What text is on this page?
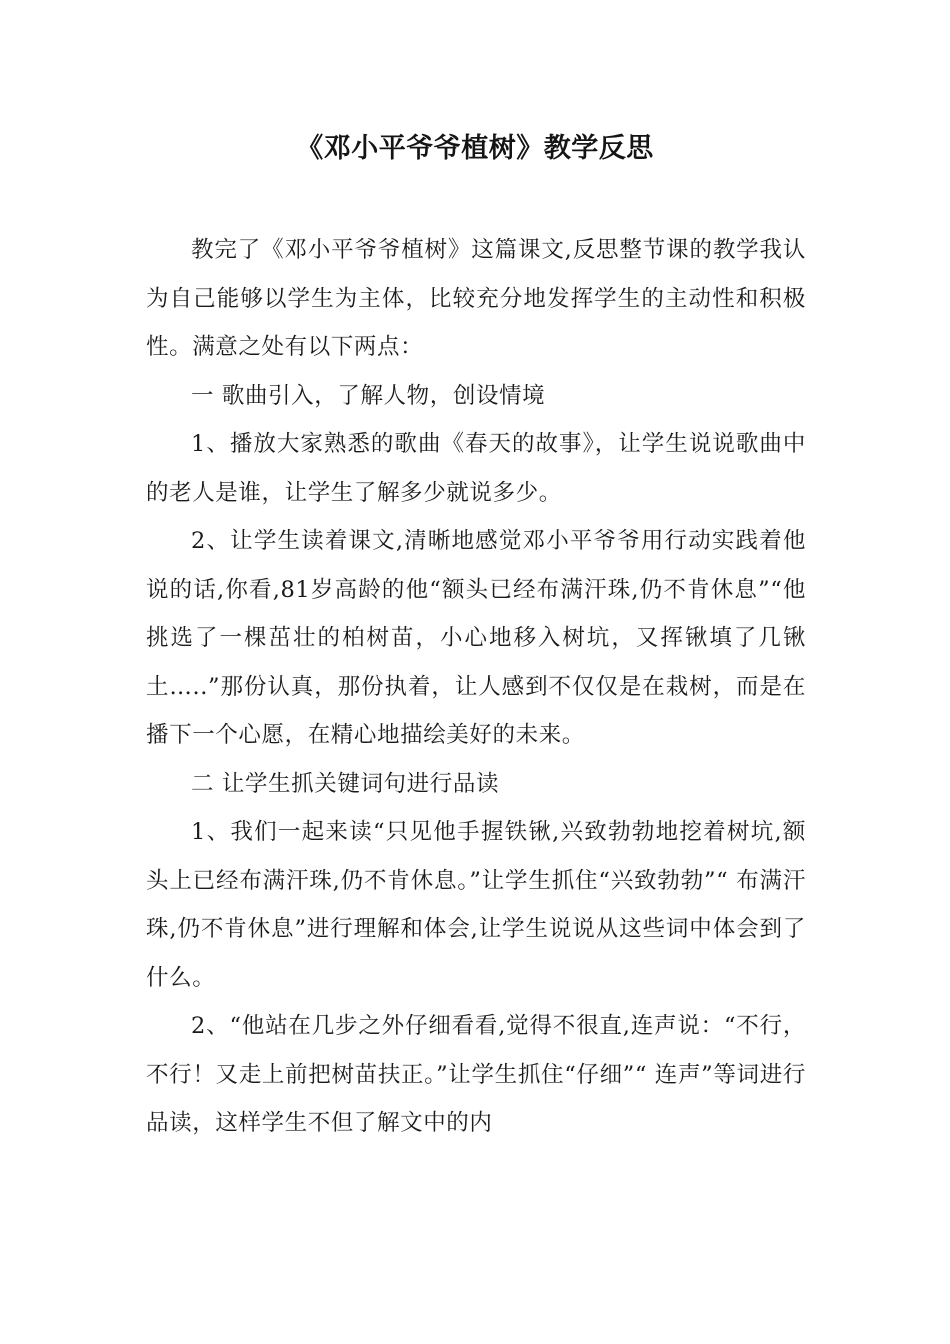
《邓小平爷爷植树》教学反思

教完了《邓小平爷爷植树》这篇课文,反思整节课的教学我认为自己能够以学生为主体，比较充分地发挥学生的主动性和积极性。满意之处有以下两点：

一 歌曲引入，了解人物，创设情境

1、播放大家熟悉的歌曲《春天的故事》，让学生说说歌曲中的老人是谁，让学生了解多少就说多少。

2、让学生读着课文,清晰地感觉邓小平爷爷用行动实践着他说的话,你看,81岁高龄的他“额头已经布满汗珠,仍不肯休息”“他挑选了一棵茁壮的柏树苗，小心地移入树坑，又挥锹填了几锹土…..”那份认真，那份执着，让人感到不仅仅是在栽树，而是在播下一个心愿，在精心地描绘美好的未来。

二 让学生抓关键词句进行品读

1、我们一起来读“只见他手握铁锹,兴致勃勃地挖着树坑,额头上已经布满汗珠,仍不肯休息。”让学生抓住“兴致勃勃”“ 布满汗珠,仍不肯休息”进行理解和体会,让学生说说从这些词中体会到了什么。

2、“他站在几步之外仔细看看,觉得不很直,连声说：“不行，不行！又走上前把树苗扶正。”让学生抓住“仔细”“ 连声”等词进行品读，这样学生不但了解文中的内
